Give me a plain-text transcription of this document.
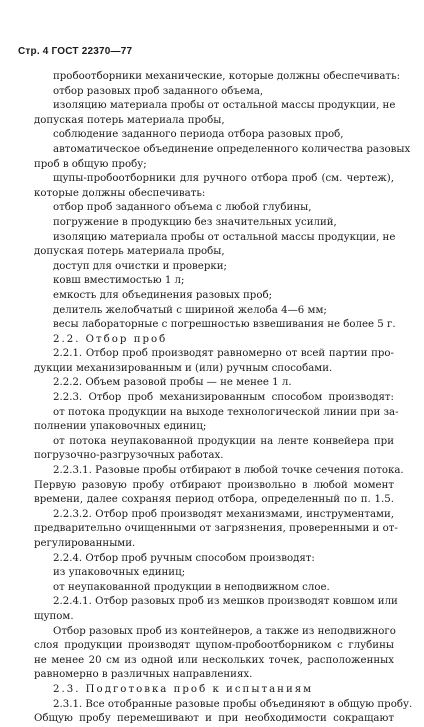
Стр. 4 ГОСТ 22370—77
пробоотборники механические, которые должны обеспечивать:
отбор разовых проб заданного объема,
изоляцию материала пробы от остальной массы продукции, не
допуская потерь материала пробы,
соблюдение заданного периода отбора разовых проб,
автоматическое объединение определенного количества разовых
проб в общую пробу;
щупы-пробоотборники для ручного отбора проб (см. чертеж),
которые должны обеспечивать:
отбор проб заданного объема с любой глубины,
погружение в продукцию без значительных усилий,
изоляцию материала пробы от остальной массы продукции, не
допуская потерь материала пробы,
доступ для очистки и проверки;
ковш вместимостью 1 л;
емкость для объединения разовых проб;
делитель желобчатый с шириной желоба 4—6 мм;
весы лабораторные с погрешностью взвешивания не более 5 г.
2.2. Отбор проб
2.2.1. Отбор проб производят равномерно от всей партии про-
дукции механизированным и (или) ручным способами.
2.2.2. Объем разовой пробы — не менее 1 л.
2.2.3. Отбор проб механизированным способом производят:
от потока продукции на выходе технологической линии при за-
полнении упаковочных единиц;
от потока неупакованной продукции на ленте конвейера при
погрузочно-разгрузочных работах.
2.2.3.1. Разовые пробы отбирают в любой точке сечения потока.
Первую разовую пробу отбирают произвольно в любой момент
времени, далее сохраняя период отбора, определенный по п. 1.5.
2.2.3.2. Отбор проб производят механизмами, инструментами,
предварительно очищенными от загрязнения, проверенными и от-
регулированными.
2.2.4. Отбор проб ручным способом производят:
из упаковочных единиц;
от неупакованной продукции в неподвижном слое.
2.2.4.1. Отбор разовых проб из мешков производят ковшом или
щупом.
Отбор разовых проб из контейнеров, а также из неподвижного
слоя продукции производят щупом-пробоотборником с глубины
не менее 20 см из одной или нескольких точек, расположенных
равномерно в различных направлениях.
2.3. Подготовка проб к испытаниям
2.3.1. Все отобранные разовые пробы объединяют в общую пробу.
Общую пробу перемешивают и при необходимости сокращают
